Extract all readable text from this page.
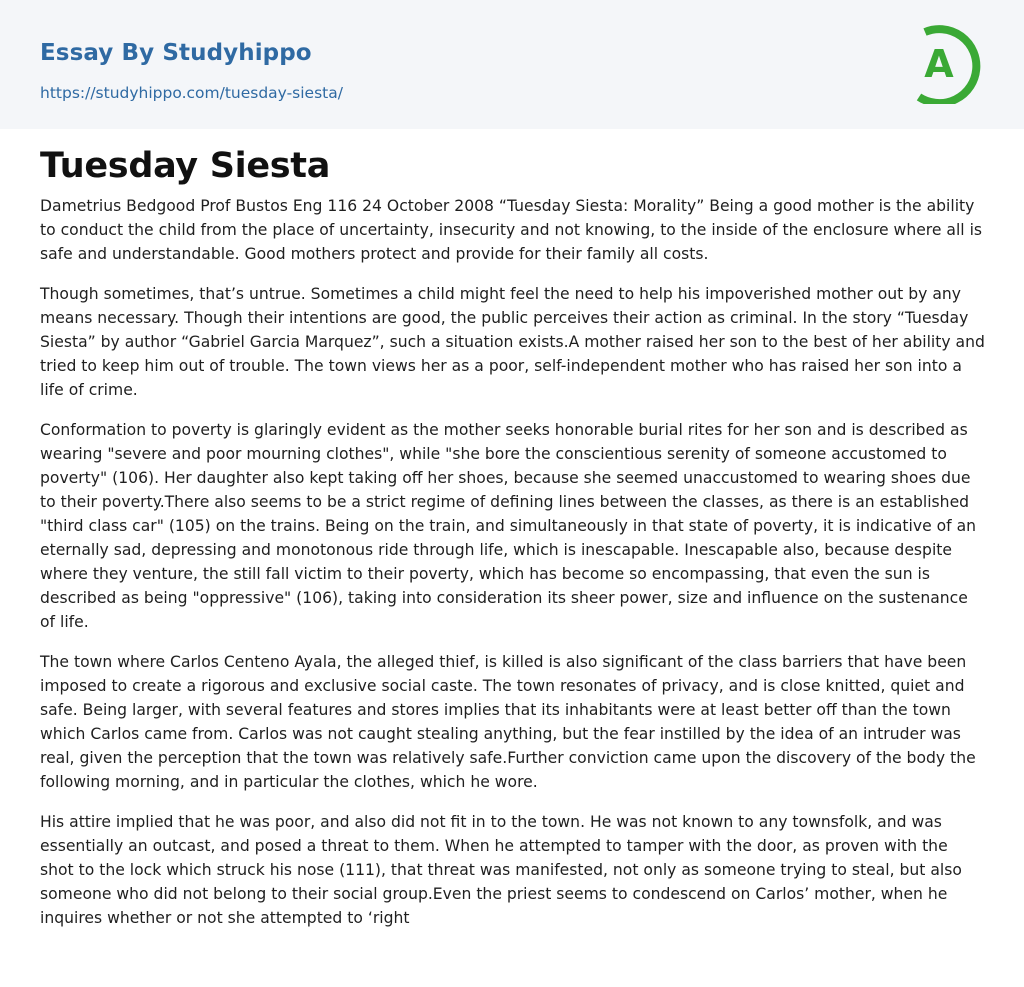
Essay By Studyhippo
https://studyhippo.com/tuesday-siesta/
A
Tuesday Siesta

Dametrius Bedgood Prof Bustos Eng 116 24 October 2008 “Tuesday Siesta: Morality” Being a good mother is the ability to conduct the child from the place of uncertainty, insecurity and not knowing, to the inside of the enclosure where all is safe and understandable. Good mothers protect and provide for their family all costs.

Though sometimes, that’s untrue. Sometimes a child might feel the need to help his impoverished mother out by any means necessary. Though their intentions are good, the public perceives their action as criminal. In the story “Tuesday Siesta” by author “Gabriel Garcia Marquez”, such a situation exists.A mother raised her son to the best of her ability and tried to keep him out of trouble. The town views her as a poor, self-independent mother who has raised her son into a life of crime.

Conformation to poverty is glaringly evident as the mother seeks honorable burial rites for her son and is described as wearing "severe and poor mourning clothes", while "she bore the conscientious serenity of someone accustomed to poverty" (106). Her daughter also kept taking off her shoes, because she seemed unaccustomed to wearing shoes due to their poverty.There also seems to be a strict regime of defining lines between the classes, as there is an established "third class car" (105) on the trains. Being on the train, and simultaneously in that state of poverty, it is indicative of an eternally sad, depressing and monotonous ride through life, which is inescapable. Inescapable also, because despite where they venture, the still fall victim to their poverty, which has become so encompassing, that even the sun is described as being "oppressive" (106), taking into consideration its sheer power, size and influence on the sustenance of life.

The town where Carlos Centeno Ayala, the alleged thief, is killed is also significant of the class barriers that have been imposed to create a rigorous and exclusive social caste. The town resonates of privacy, and is close knitted, quiet and safe. Being larger, with several features and stores implies that its inhabitants were at least better off than the town which Carlos came from. Carlos was not caught stealing anything, but the fear instilled by the idea of an intruder was real, given the perception that the town was relatively safe.Further conviction came upon the discovery of the body the following morning, and in particular the clothes, which he wore.

His attire implied that he was poor, and also did not fit in to the town. He was not known to any townsfolk, and was essentially an outcast, and posed a threat to them. When he attempted to tamper with the door, as proven with the shot to the lock which struck his nose (111), that threat was manifested, not only as someone trying to steal, but also someone who did not belong to their social group.Even the priest seems to condescend on Carlos’ mother, when he inquires whether or not she attempted to ‘right
